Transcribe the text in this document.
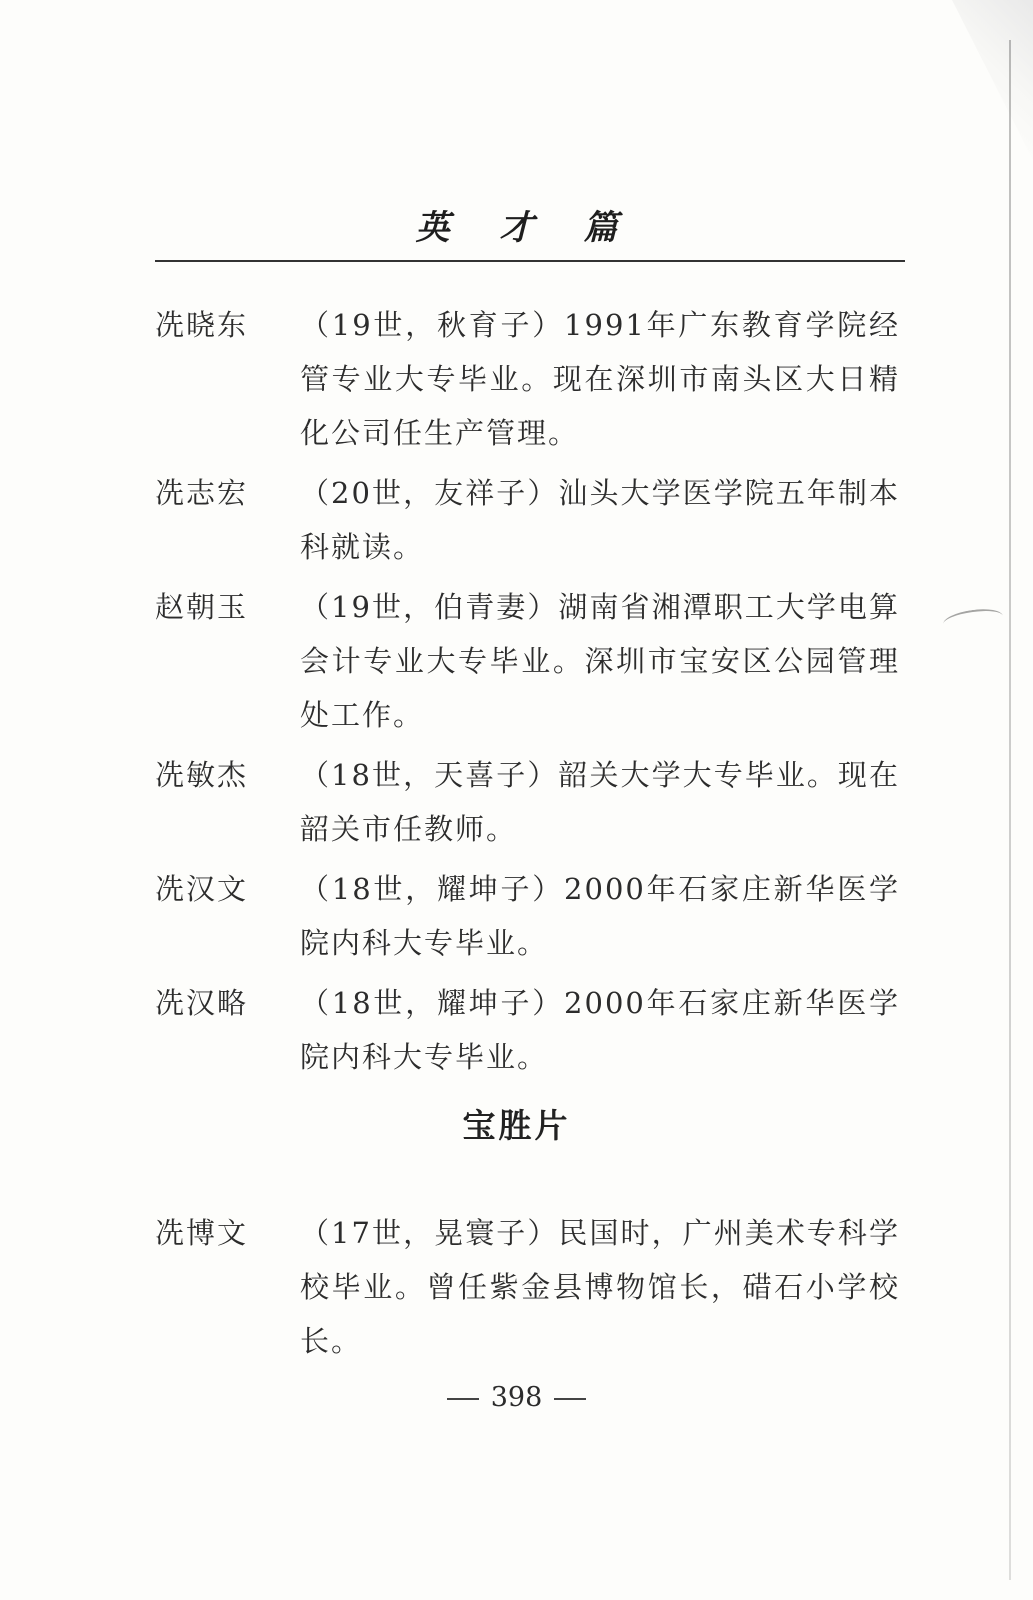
英才篇
冼晓东	（19世，秋育子）1991年广东教育学院经管专业大专毕业。现在深圳市南头区大日精化公司任生产管理。
冼志宏	（20世，友祥子）汕头大学医学院五年制本科就读。
赵朝玉	（19世，伯青妻）湖南省湘潭职工大学电算会计专业大专毕业。深圳市宝安区公园管理处工作。
冼敏杰	（18世，天喜子）韶关大学大专毕业。现在韶关市任教师。
冼汉文	（18世，耀坤子）2000年石家庄新华医学院内科大专毕业。
冼汉略	（18世，耀坤子）2000年石家庄新华医学院内科大专毕业。
宝胜片
冼博文	（17世，晃寰子）民国时，广州美术专科学校毕业。曾任紫金县博物馆长，碏石小学校长。
398
